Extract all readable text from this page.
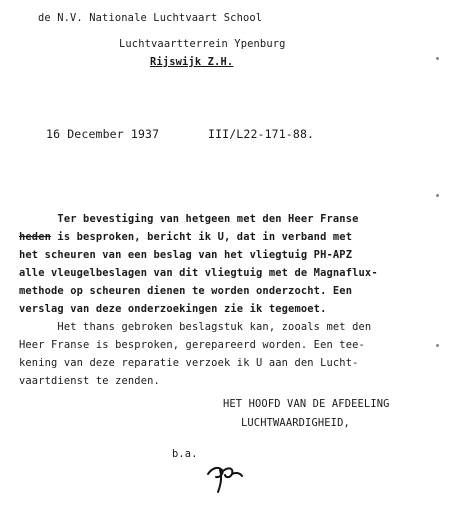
de N.V. Nationale Luchtvaart School
Luchtvaartterrein Ypenburg
Rijswijk Z.H.
16 December 1937	III/L22-171-88.
Ter bevestiging van hetgeen met den Heer Franse
heden is besproken, bericht ik U, dat in verband met
het scheuren van een beslag van het vliegtuig PH-APZ
alle vleugelbeslagen van dit vliegtuig met de Magnaflux-
methode op scheuren dienen te worden onderzocht. Een
verslag van deze onderzoekingen zie ik tegemoet.
Het thans gebroken beslagstuk kan, zooals met den
Heer Franse is besproken, gerepareerd worden. Een tee-
kening van deze reparatie verzoek ik U aan den Lucht-
vaartdienst te zenden.
HET HOOFD VAN DE AFDEELING
LUCHTWAARDIGHEID,
b.a.
